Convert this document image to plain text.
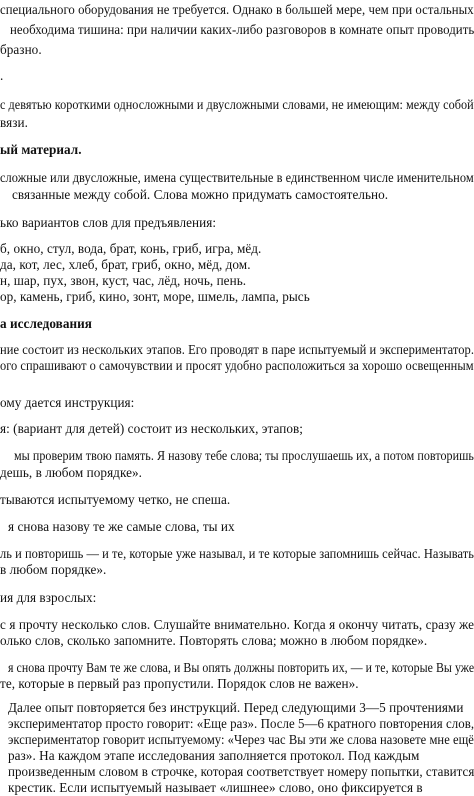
специального оборудования не требуется. Однако в большей мере, чем при остальных
необходима тишина: при наличии каких-либо разговоров в комнате опыт проводить
бразно.
.
с девятью короткими односложными и двусложными словами, не имеющим: между собой
вязи.
ый материал.
сложные или двусложные, имена существительные в единственном числе именительном
связанные между собой. Слова можно придумать самостоятельно.
ько вариантов слов для предъявления:
б, окно, стул, вода, брат, конь, гриб, игра, мёд.
да, кот, лес, хлеб, брат, гриб, окно, мёд, дом.
н, шар, пух, звон, куст, час, лёд, ночь, пень.
ор, камень, гриб, кино, зонт, море, шмель, лампа, рысь
а исследования
ние состоит из нескольких этапов. Его проводят в паре испытуемый и экспериментатор.
ого спрашивают о самочувствии и просят удобно расположиться за хорошо освещенным
ому дается инструкция:
я: (вариант для детей) состоит из нескольких, этапов;
мы проверим твою память. Я назову тебе слова; ты прослушаешь их, а потом повторишь
дешь, в любом порядке».
тываются испытуемому четко, не спеша.
я снова назову те же самые слова, ты их
ль и повторишь — и те, которые уже называл, и те которые запомнишь сейчас. Называть
в любом порядке».
ия для взрослых:
с я прочту несколько слов. Слушайте внимательно. Когда я окончу читать, сразу же
олько слов, сколько запомните. Повторять слова; можно в любом порядке».
я снова прочту Вам те же слова, и Вы опять должны повторить их, — и те, которые Вы уже
те, которые в первый раз пропустили. Порядок слов не важен».
Далее опыт повторяется без инструкций. Перед следующими 3—5 прочтениями
экспериментатор просто говорит: «Еще раз». После 5—6 кратного повторения слов,
экспериментатор говорит испытуемому: «Через час Вы эти же слова назовете мне ещё
раз». На каждом этапе исследования заполняется протокол. Под каждым
произведенным словом в строчке, которая соответствует номеру попытки, ставится
крестик. Если испытуемый называет «лишнее» слово, оно фиксируется в
